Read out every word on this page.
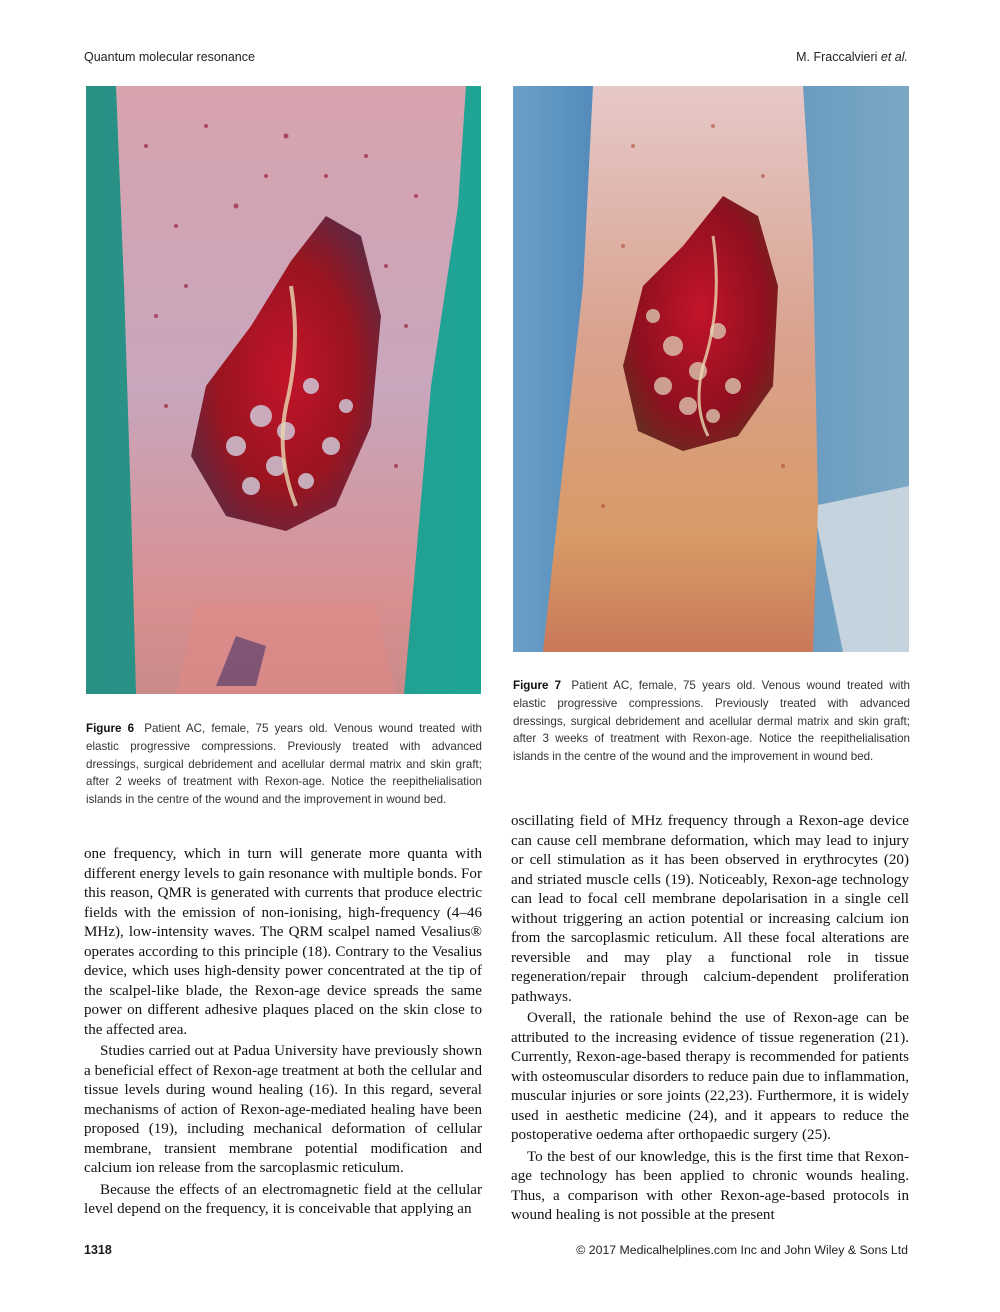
Quantum molecular resonance	M. Fraccalvieri et al.
Figure 6 Patient AC, female, 75 years old. Venous wound treated with elastic progressive compressions. Previously treated with advanced dressings, surgical debridement and acellular dermal matrix and skin graft; after 2 weeks of treatment with Rexon-age. Notice the reepithelialisation islands in the centre of the wound and the improvement in wound bed.
Figure 7 Patient AC, female, 75 years old. Venous wound treated with elastic progressive compressions. Previously treated with advanced dressings, surgical debridement and acellular dermal matrix and skin graft; after 3 weeks of treatment with Rexon-age. Notice the reepithelialisation islands in the centre of the wound and the improvement in wound bed.

one frequency, which in turn will generate more quanta with different energy levels to gain resonance with multiple bonds. For this reason, QMR is generated with currents that produce electric fields with the emission of non-ionising, high-frequency (4–46 MHz), low-intensity waves. The QRM scalpel named Vesalius® operates according to this principle (18). Contrary to the Vesalius device, which uses high-density power concentrated at the tip of the scalpel-like blade, the Rexon-age device spreads the same power on different adhesive plaques placed on the skin close to the affected area.

Studies carried out at Padua University have previously shown a beneficial effect of Rexon-age treatment at both the cellular and tissue levels during wound healing (16). In this regard, several mechanisms of action of Rexon-age-mediated healing have been proposed (19), including mechanical deformation of cellular membrane, transient membrane potential modification and calcium ion release from the sarcoplasmic reticulum.

Because the effects of an electromagnetic field at the cellular level depend on the frequency, it is conceivable that applying an

oscillating field of MHz frequency through a Rexon-age device can cause cell membrane deformation, which may lead to injury or cell stimulation as it has been observed in erythrocytes (20) and striated muscle cells (19). Noticeably, Rexon-age technology can lead to focal cell membrane depolarisation in a single cell without triggering an action potential or increasing calcium ion from the sarcoplasmic reticulum. All these focal alterations are reversible and may play a functional role in tissue regeneration/repair through calcium-dependent proliferation pathways.

Overall, the rationale behind the use of Rexon-age can be attributed to the increasing evidence of tissue regeneration (21). Currently, Rexon-age-based therapy is recommended for patients with osteomuscular disorders to reduce pain due to inflammation, muscular injuries or sore joints (22,23). Furthermore, it is widely used in aesthetic medicine (24), and it appears to reduce the postoperative oedema after orthopaedic surgery (25).

To the best of our knowledge, this is the first time that Rexon-age technology has been applied to chronic wounds healing. Thus, a comparison with other Rexon-age-based protocols in wound healing is not possible at the present

1318	© 2017 Medicalhelplines.com Inc and John Wiley & Sons Ltd
